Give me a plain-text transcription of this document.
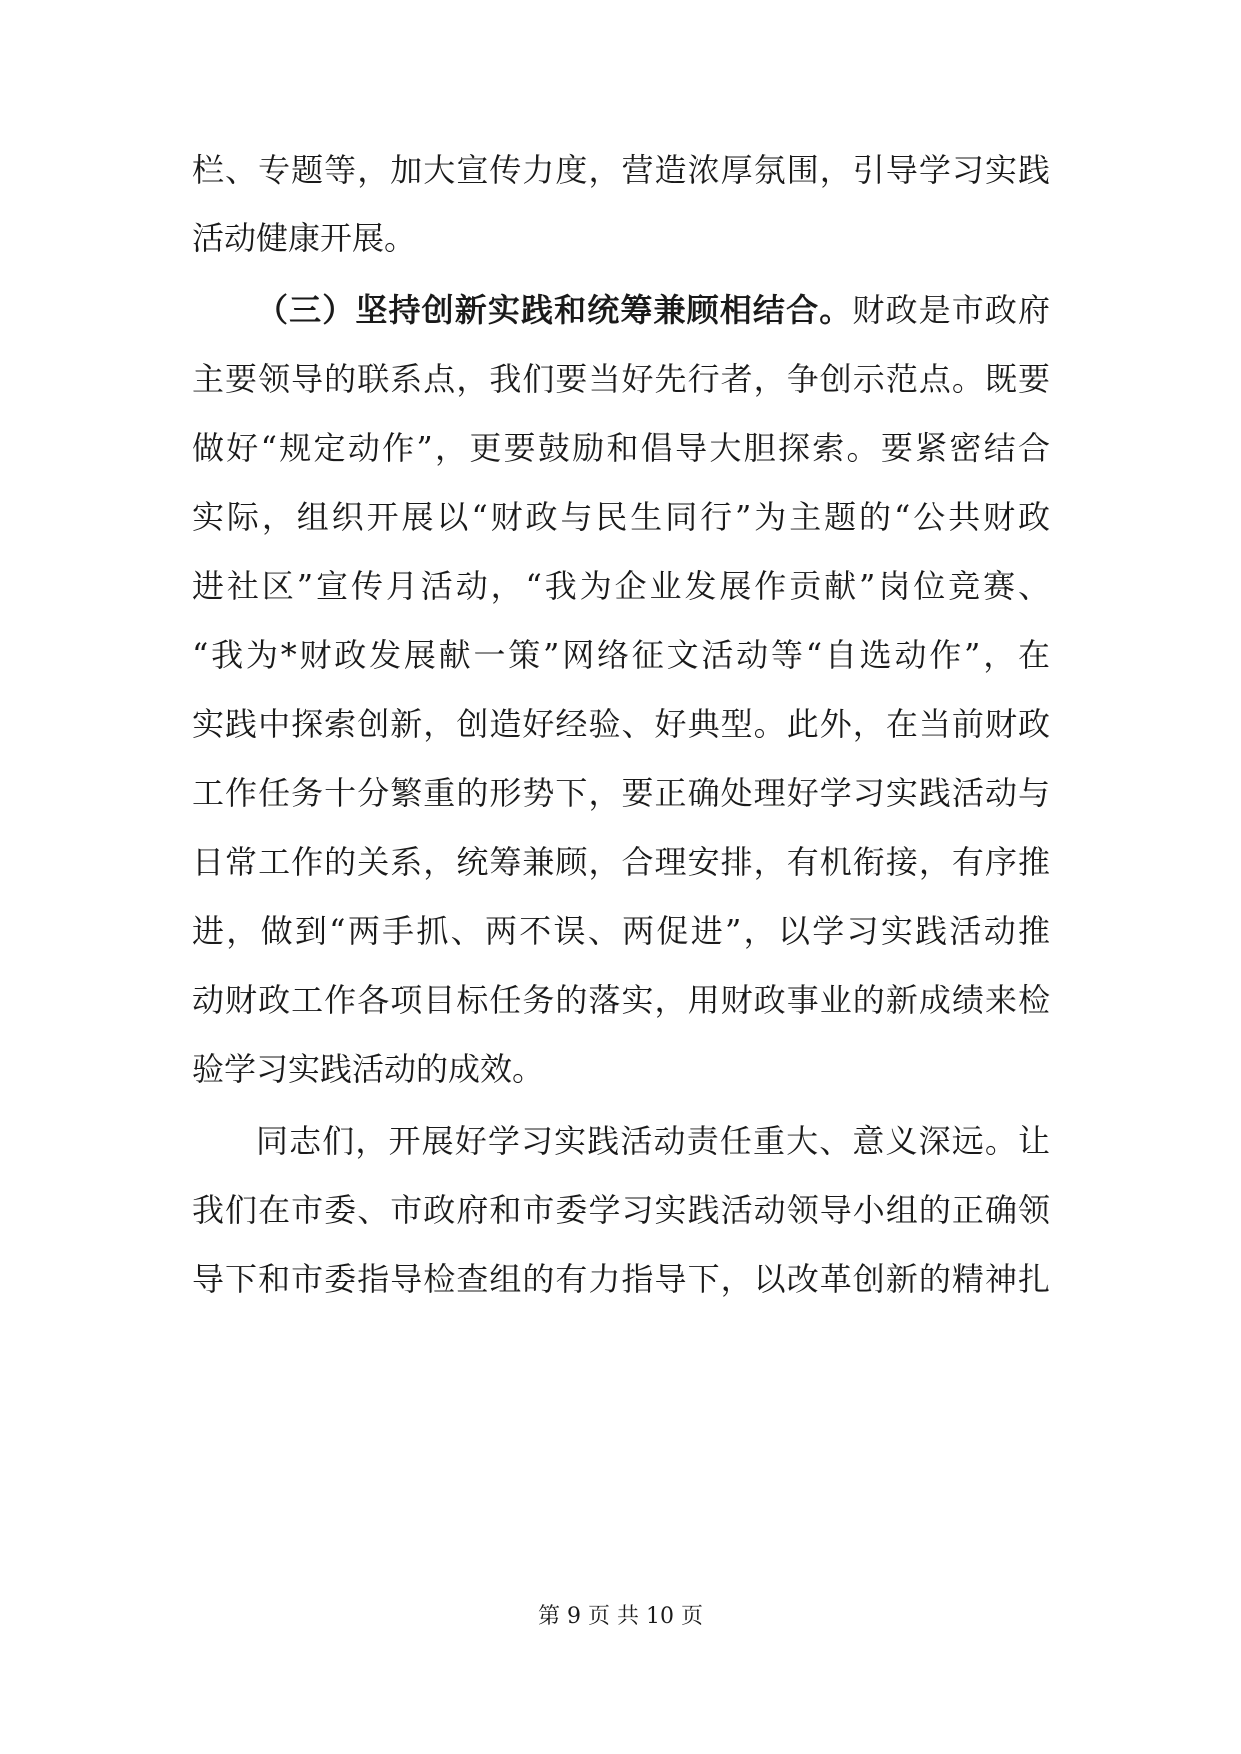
栏、专题等，加大宣传力度，营造浓厚氛围，引导学习实践
活动健康开展。
（三）坚持创新实践和统筹兼顾相结合。财政是市政府
主要领导的联系点，我们要当好先行者，争创示范点。既要
做好“规定动作”，更要鼓励和倡导大胆探索。要紧密结合
实际，组织开展以“财政与民生同行”为主题的“公共财政
进社区”宣传月活动，“我为企业发展作贡献”岗位竞赛、
“我为*财政发展献一策”网络征文活动等“自选动作”，在
实践中探索创新，创造好经验、好典型。此外，在当前财政
工作任务十分繁重的形势下，要正确处理好学习实践活动与
日常工作的关系，统筹兼顾，合理安排，有机衔接，有序推
进，做到“两手抓、两不误、两促进”，以学习实践活动推
动财政工作各项目标任务的落实，用财政事业的新成绩来检
验学习实践活动的成效。
同志们，开展好学习实践活动责任重大、意义深远。让
我们在市委、市政府和市委学习实践活动领导小组的正确领
导下和市委指导检查组的有力指导下，以改革创新的精神扎
第 9 页 共 10 页
